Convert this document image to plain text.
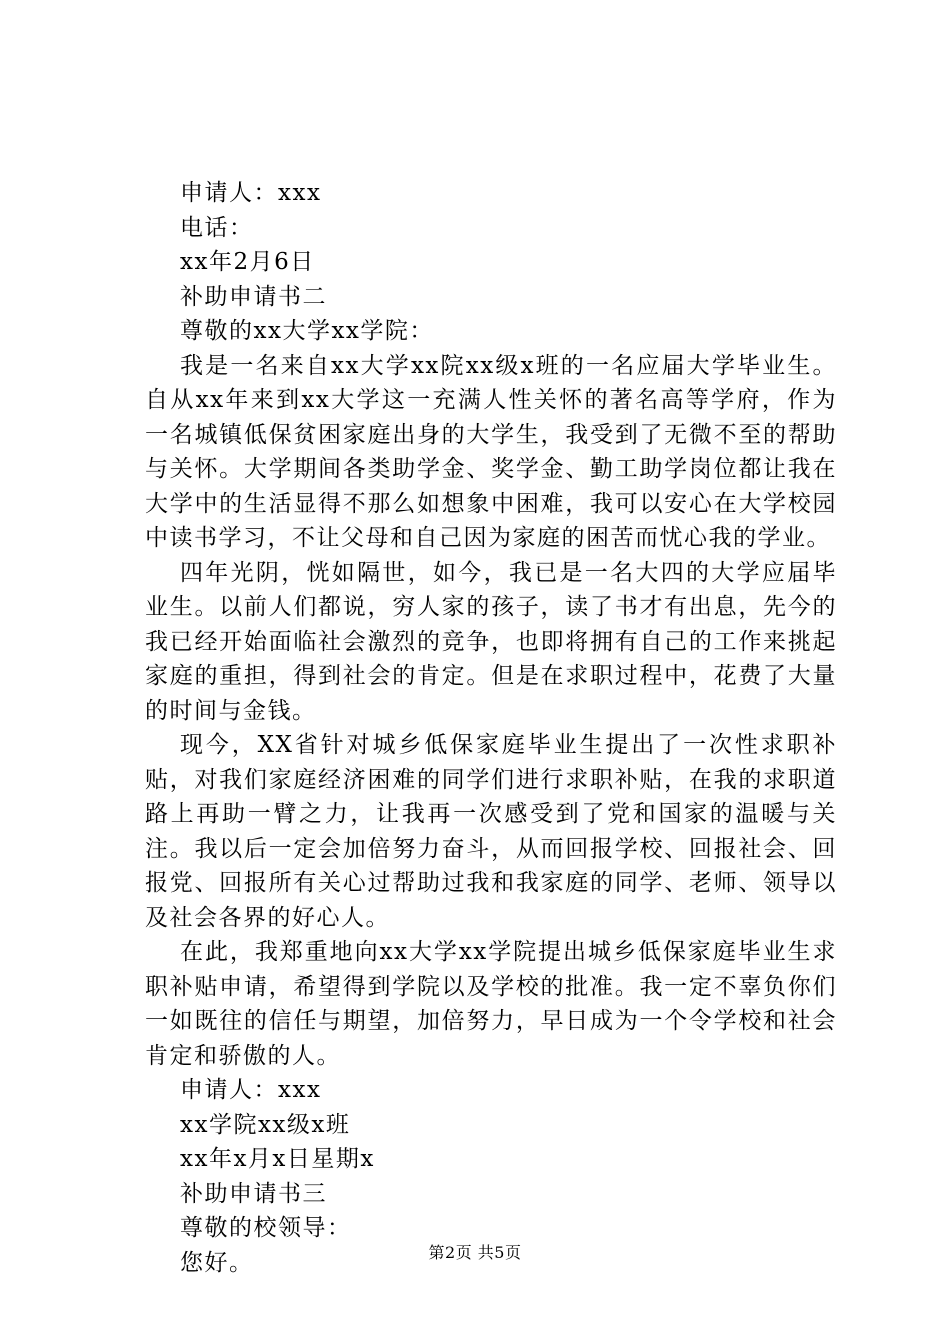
申请人：xxx

电话：

xx年2月6日

补助申请书二

尊敬的xx大学xx学院：

我是一名来自xx大学xx院xx级x班的一名应届大学毕业生。自从xx年来到xx大学这一充满人性关怀的著名高等学府，作为一名城镇低保贫困家庭出身的大学生，我受到了无微不至的帮助与关怀。大学期间各类助学金、奖学金、勤工助学岗位都让我在大学中的生活显得不那么如想象中困难，我可以安心在大学校园中读书学习，不让父母和自己因为家庭的困苦而忧心我的学业。

四年光阴，恍如隔世，如今，我已是一名大四的大学应届毕业生。以前人们都说，穷人家的孩子，读了书才有出息，先今的我已经开始面临社会激烈的竞争，也即将拥有自己的工作来挑起家庭的重担，得到社会的肯定。但是在求职过程中，花费了大量的时间与金钱。

现今，XX省针对城乡低保家庭毕业生提出了一次性求职补贴，对我们家庭经济困难的同学们进行求职补贴，在我的求职道路上再助一臂之力，让我再一次感受到了党和国家的温暖与关注。我以后一定会加倍努力奋斗，从而回报学校、回报社会、回报党、回报所有关心过帮助过我和我家庭的同学、老师、领导以及社会各界的好心人。

在此，我郑重地向xx大学xx学院提出城乡低保家庭毕业生求职补贴申请，希望得到学院以及学校的批准。我一定不辜负你们一如既往的信任与期望，加倍努力，早日成为一个令学校和社会肯定和骄傲的人。

申请人：xxx

xx学院xx级x班

xx年x月x日星期x

补助申请书三

尊敬的校领导：

您好。	第2页 共5页
